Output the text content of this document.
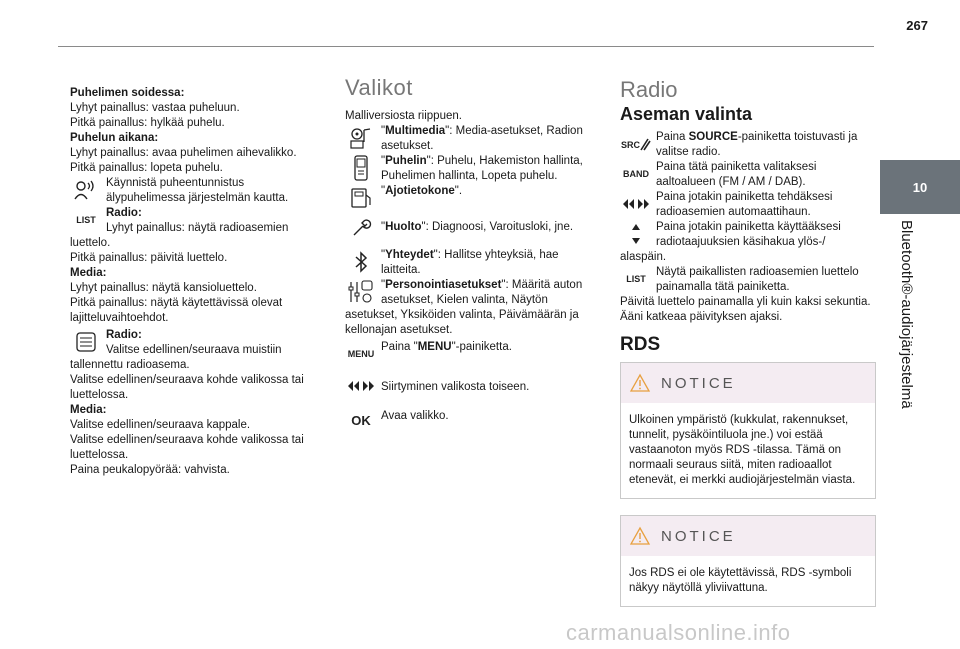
267
10
Bluetooth®-audiojärjestelmä

Puhelimen soidessa:

Lyhyt painallus: vastaa puheluun.

Pitkä painallus: hylkää puhelu.

Puhelun aikana:

Lyhyt painallus: avaa puhelimen aihevalikko.

Pitkä painallus: lopeta puhelu.

Käynnistä puheentunnistus älypuhelimessa järjestelmän kautta.

LIST

Radio:

Lyhyt painallus: näytä radioasemien

luettelo.

Pitkä painallus: päivitä luettelo.

Media:

Lyhyt painallus: näytä kansioluettelo.

Pitkä painallus: näytä käytettävissä olevat lajitteluvaihtoehdot.

Radio:

Valitse edellinen/seuraava muistiin

tallennettu radioasema.

Valitse edellinen/seuraava kohde valikossa tai luettelossa.

Media:

Valitse edellinen/seuraava kappale.

Valitse edellinen/seuraava kohde valikossa tai luettelossa.

Paina peukalopyörää: vahvista.

Valikot

Malliversiosta riippuen.

"Multimedia": Media-asetukset, Radion asetukset.

"Puhelin": Puhelu, Hakemiston hallinta, Puhelimen hallinta, Lopeta puhelu.

"Ajotietokone".

"Huolto": Diagnoosi, Varoitusloki, jne.

"Yhteydet": Hallitse yhteyksiä, hae laitteita.

"Personointiasetukset": Määritä auton asetukset, Kielen valinta, Näytön

asetukset, Yksiköiden valinta, Päivämäärän ja kellonajan asetukset.

MENU

Paina "MENU"-painiketta.

Siirtyminen valikosta toiseen.

OK Avaa valikko.

Radio
Aseman valinta
SRC

Paina SOURCE-painiketta toistuvasti ja valitse radio.

BAND

Paina tätä painiketta valitaksesi aaltoalueen (FM / AM / DAB).

Paina jotakin painiketta tehdäksesi radioasemien automaattihaun.

Paina jotakin painiketta käyttääksesi radiotaajuuksien käsihakua ylös-/

alaspäin.

LIST

Näytä paikallisten radioasemien luettelo painamalla tätä painiketta.

Päivitä luettelo painamalla yli kuin kaksi sekuntia. Ääni katkeaa päivityksen ajaksi.

RDS
NOTICE
Ulkoinen ympäristö (kukkulat, rakennukset, tunnelit, pysäköintiluola jne.) voi estää vastaanoton myös RDS -tilassa. Tämä on normaali seuraus siitä, miten radioaallot etenevät, ei merkki audiojärjestelmän viasta.
NOTICE
Jos RDS ei ole käytettävissä, RDS -symboli näkyy näytöllä yliviivattuna.
carmanualsonline.info
